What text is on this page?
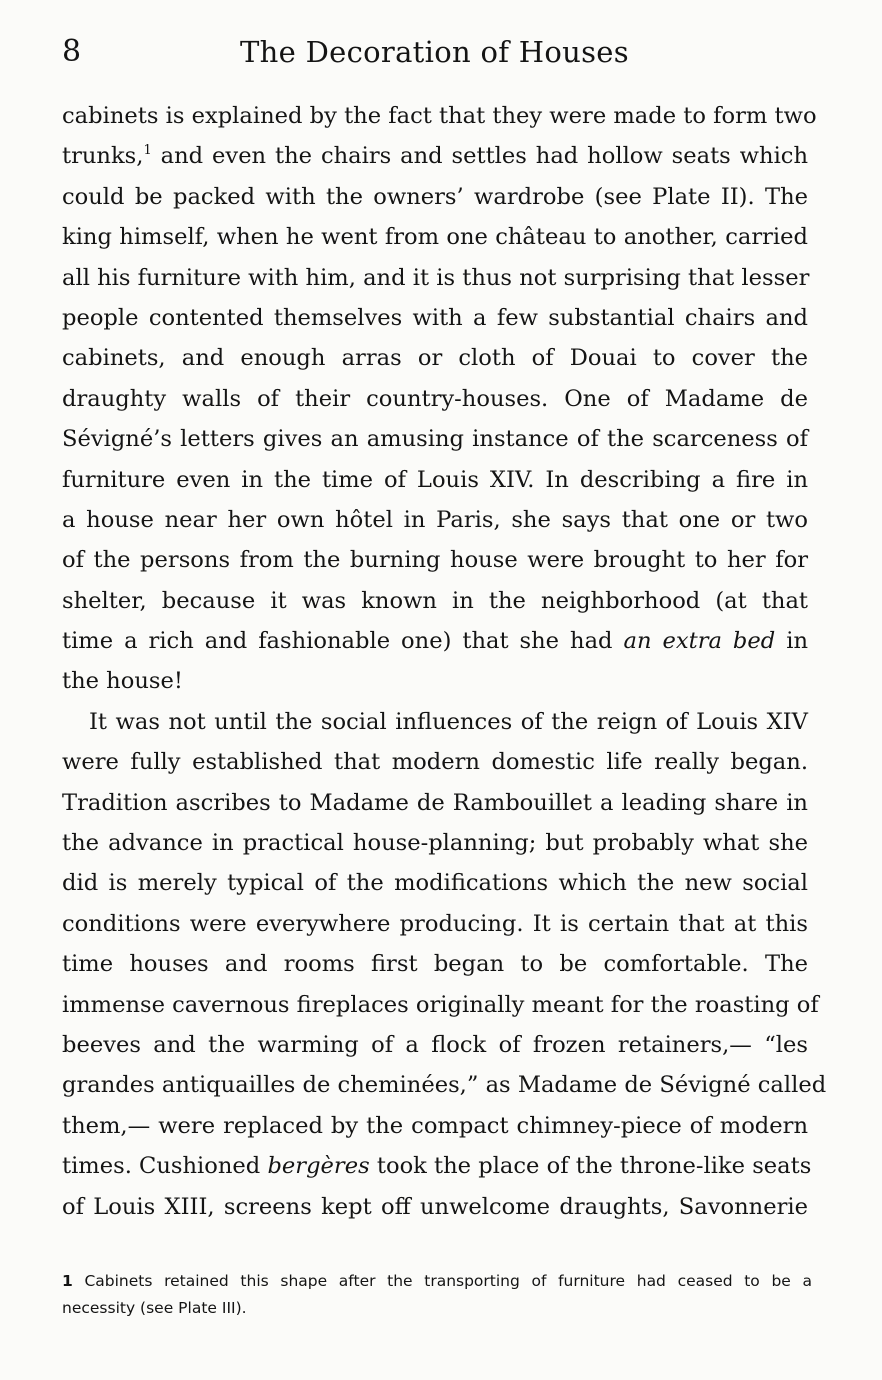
8	The Decoration of Houses
cabinets is explained by the fact that they were made to form two
trunks,$^1$ and even the chairs and settles had hollow seats which
could be packed with the owners’ wardrobe (see Plate II). The
king himself, when he went from one château to another, carried
all his furniture with him, and it is thus not surprising that lesser
people contented themselves with a few substantial chairs and
cabinets, and enough arras or cloth of Douai to cover the
draughty walls of their country-houses. One of Madame de
Sévigné’s letters gives an amusing instance of the scarceness of
furniture even in the time of Louis XIV. In describing a fire in
a house near her own hôtel in Paris, she says that one or two
of the persons from the burning house were brought to her for
shelter, because it was known in the neighborhood (at that
time a rich and fashionable one) that she had an extra bed in
the house!
It was not until the social influences of the reign of Louis XIV
were fully established that modern domestic life really began.
Tradition ascribes to Madame de Rambouillet a leading share in
the advance in practical house-planning; but probably what she
did is merely typical of the modifications which the new social
conditions were everywhere producing. It is certain that at this
time houses and rooms first began to be comfortable. The
immense cavernous fireplaces originally meant for the roasting of
beeves and the warming of a flock of frozen retainers,— “les
grandes antiquailles de cheminées,” as Madame de Sévigné called
them,— were replaced by the compact chimney-piece of modern
times. Cushioned bergères took the place of the throne-like seats
of Louis XIII, screens kept off unwelcome draughts, Savonnerie
1 Cabinets retained this shape after the transporting of furniture had ceased to be a
necessity (see Plate III).
